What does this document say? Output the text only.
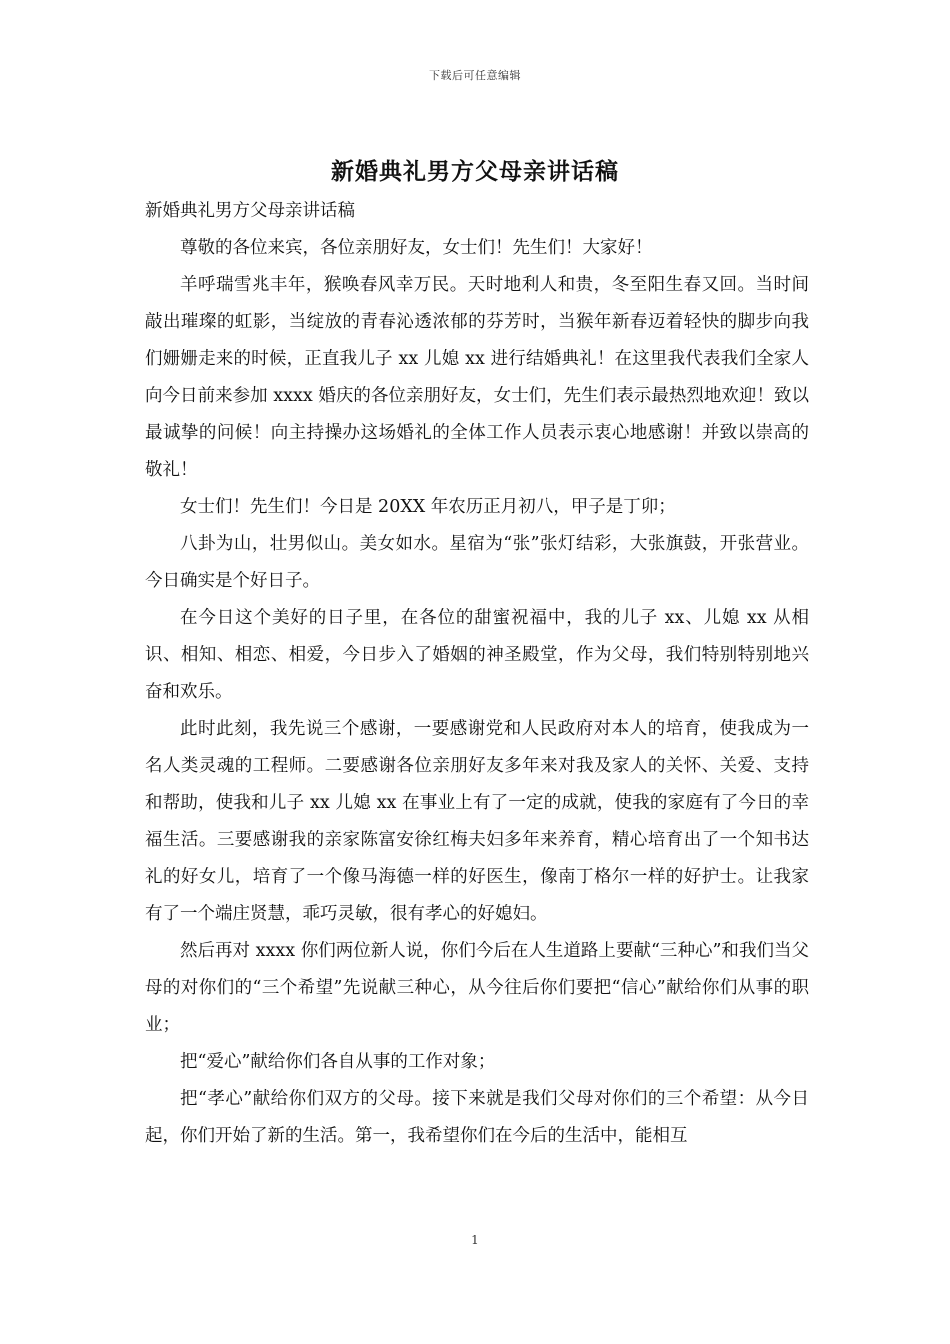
下载后可任意编辑
新婚典礼男方父母亲讲话稿

新婚典礼男方父母亲讲话稿

尊敬的各位来宾，各位亲朋好友，女士们！先生们！大家好！

羊呼瑞雪兆丰年，猴唤春风幸万民。天时地利人和贵，冬至阳生春又回。当时间敲出璀璨的虹影，当绽放的青春沁透浓郁的芬芳时，当猴年新春迈着轻快的脚步向我们姗姗走来的时候，正直我儿子 xx 儿媳 xx 进行结婚典礼！在这里我代表我们全家人向今日前来参加 xxxx 婚庆的各位亲朋好友，女士们，先生们表示最热烈地欢迎！致以最诚挚的问候！向主持操办这场婚礼的全体工作人员表示衷心地感谢！并致以崇高的敬礼！

女士们！先生们！今日是 20XX 年农历正月初八，甲子是丁卯；

八卦为山，壮男似山。美女如水。星宿为“张”张灯结彩，大张旗鼓，开张营业。今日确实是个好日子。

在今日这个美好的日子里，在各位的甜蜜祝福中，我的儿子 xx、儿媳 xx 从相识、相知、相恋、相爱，今日步入了婚姻的神圣殿堂，作为父母，我们特别特别地兴奋和欢乐。

此时此刻，我先说三个感谢，一要感谢党和人民政府对本人的培育，使我成为一名人类灵魂的工程师。二要感谢各位亲朋好友多年来对我及家人的关怀、关爱、支持和帮助，使我和儿子 xx 儿媳 xx 在事业上有了一定的成就，使我的家庭有了今日的幸福生活。三要感谢我的亲家陈富安徐红梅夫妇多年来养育，精心培育出了一个知书达礼的好女儿，培育了一个像马海德一样的好医生，像南丁格尔一样的好护士。让我家有了一个端庄贤慧，乖巧灵敏，很有孝心的好媳妇。

然后再对 xxxx 你们两位新人说，你们今后在人生道路上要献“三种心”和我们当父母的对你们的“三个希望”先说献三种心，从今往后你们要把“信心”献给你们从事的职业；

把“爱心”献给你们各自从事的工作对象；

把“孝心”献给你们双方的父母。接下来就是我们父母对你们的三个希望：从今日起，你们开始了新的生活。第一，我希望你们在今后的生活中，能相互

1
